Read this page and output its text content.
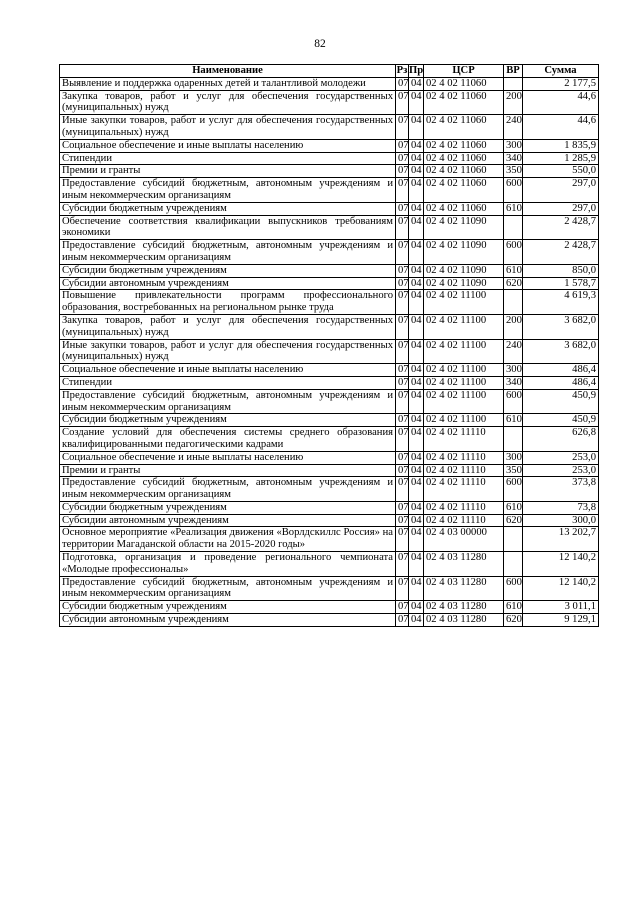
82
Наименование	Рз	Пр	ЦСР	ВР	Сумма
Выявление и поддержка одаренных детей и талантливой молодежи	07	04	02 4 02 11060		2 177,5
Закупка товаров, работ и услуг для обеспечения государственных (муниципальных) нужд	07	04	02 4 02 11060	200	44,6
Иные закупки товаров, работ и услуг для обеспечения государственных (муниципальных) нужд	07	04	02 4 02 11060	240	44,6
Социальное обеспечение и иные выплаты населению	07	04	02 4 02 11060	300	1 835,9
Стипендии	07	04	02 4 02 11060	340	1 285,9
Премии и гранты	07	04	02 4 02 11060	350	550,0
Предоставление субсидий бюджетным, автономным учреждениям и иным некоммерческим организациям	07	04	02 4 02 11060	600	297,0
Субсидии бюджетным учреждениям	07	04	02 4 02 11060	610	297,0
Обеспечение соответствия квалификации выпускников требованиям экономики	07	04	02 4 02 11090		2 428,7
Предоставление субсидий бюджетным, автономным учреждениям и иным некоммерческим организациям	07	04	02 4 02 11090	600	2 428,7
Субсидии бюджетным учреждениям	07	04	02 4 02 11090	610	850,0
Субсидии автономным учреждениям	07	04	02 4 02 11090	620	1 578,7
Повышение привлекательности программ профессионального образования, востребованных на региональном рынке труда	07	04	02 4 02 11100		4 619,3
Закупка товаров, работ и услуг для обеспечения государственных (муниципальных) нужд	07	04	02 4 02 11100	200	3 682,0
Иные закупки товаров, работ и услуг для обеспечения государственных (муниципальных) нужд	07	04	02 4 02 11100	240	3 682,0
Социальное обеспечение и иные выплаты населению	07	04	02 4 02 11100	300	486,4
Стипендии	07	04	02 4 02 11100	340	486,4
Предоставление субсидий бюджетным, автономным учреждениям и иным некоммерческим организациям	07	04	02 4 02 11100	600	450,9
Субсидии бюджетным учреждениям	07	04	02 4 02 11100	610	450,9
Создание условий для обеспечения системы среднего образования квалифицированными педагогическими кадрами	07	04	02 4 02 11110		626,8
Социальное обеспечение и иные выплаты населению	07	04	02 4 02 11110	300	253,0
Премии и гранты	07	04	02 4 02 11110	350	253,0
Предоставление субсидий бюджетным, автономным учреждениям и иным некоммерческим организациям	07	04	02 4 02 11110	600	373,8
Субсидии бюджетным учреждениям	07	04	02 4 02 11110	610	73,8
Субсидии автономным учреждениям	07	04	02 4 02 11110	620	300,0
Основное мероприятие «Реализация движения «Ворлдскиллс Россия» на территории Магаданской области на 2015-2020 годы»	07	04	02 4 03 00000		13 202,7
Подготовка, организация и проведение регионального чемпионата «Молодые профессионалы»	07	04	02 4 03 11280		12 140,2
Предоставление субсидий бюджетным, автономным учреждениям и иным некоммерческим организациям	07	04	02 4 03 11280	600	12 140,2
Субсидии бюджетным учреждениям	07	04	02 4 03 11280	610	3 011,1
Субсидии автономным учреждениям	07	04	02 4 03 11280	620	9 129,1
